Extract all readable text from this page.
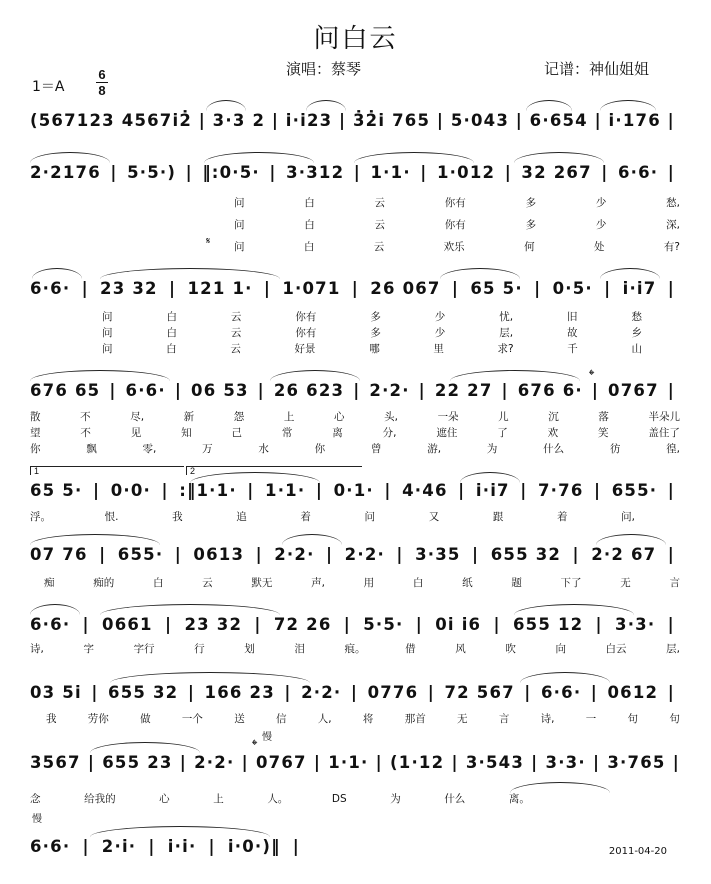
问白云
演唱：蔡琴	记谱：神仙姐姐
1＝A
6
8
(567123 4567i2̇ | 3·3 2 | i·i23 | 3̇2̇i 765 | 5·043 | 6·654 | i·176 |
2·2176 | 5·5·) | ‖:0·5· | 3·312 | 1·1· | 1·012 | 32 267 | 6·6· |
问	白	云	你有	多	少	愁,
问	白	云	你有	多	少	深,
𝄋 问	白	云	欢乐	何	处	有?
6·6· | 23 32 | 121 1· | 1·071 | 26 067 | 65 5· | 0·5· | i·i7 |
问	白	云	你有	多	少	忧,	旧	愁
问	白	云	你有	多	少	层,	故	乡
问	白	云	好景	哪	里	求?	千	山
𝄌
676 65 | 6·6· | 06 53 | 26 623 | 2·2· | 22 27 | 676 6· | 0767 |
散	不	尽,	新	怨	上	心	头,	一朵	儿	沉	落	半朵儿
望	不	见	知	己	常	离	分,	遮住	了	欢	笑	盖住了
你	飘	零,	万	水	你	曾	游,	为	什么	彷	徨,
1	2
65 5· | 0·0· | :‖1·1· | 1·1· | 0·1· | 4·46 | i·i7 | 7·76 | 655· |
浮。	恨.	我	追	着	问	又	跟	着	问,
07 76 | 655· | 0613 | 2·2· | 2·2· | 3·35 | 655 32 | 2·2 67 |
痴	痴的	白	云	默无	声,	用	白	纸	题	下了	无	言
6·6· | 0661 | 23 32 | 72 26 | 5·5· | 0i i6 | 655 12 | 3·3· |
诗,	字	字行	行	划	泪	痕。	借	风	吹	向	白云	层,
03 5i | 655 32 | 166 23 | 2·2· | 0776 | 72 567 | 6·6· | 0612 |
我	劳你	做	一个	送	信	人,	将	那首	无	言	诗,	一	句	句
慢
𝄌
3567 | 655 23 | 2·2· | 0767 | 1·1· | (1·12 | 3·543 | 3·3· | 3·765 |
念	给我的	心	上	人。	DS	为	什么	离。
慢
6·6· | 2·i· | i·i· | i·0·)‖ |	2011-04-20
